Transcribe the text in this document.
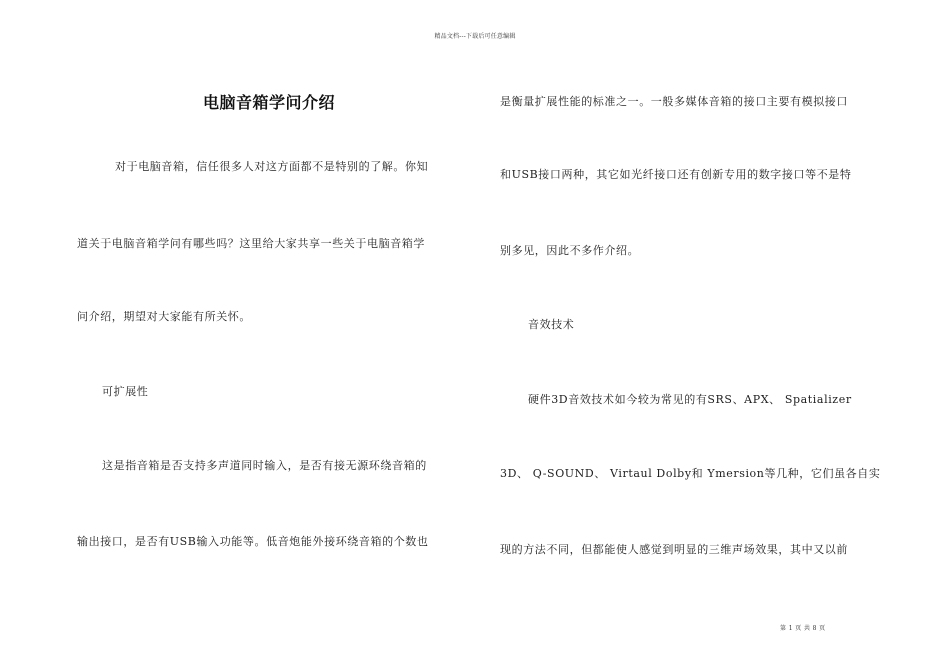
精品文档---下载后可任意编辑
电脑音箱学问介绍
对于电脑音箱，信任很多人对这方面都不是特别的了解。你知
道关于电脑音箱学问有哪些吗？这里给大家共享一些关于电脑音箱学
问介绍，期望对大家能有所关怀。
可扩展性
这是指音箱是否支持多声道同时输入，是否有接无源环绕音箱的
输出接口，是否有USB输入功能等。低音炮能外接环绕音箱的个数也
是衡量扩展性能的标准之一。一般多媒体音箱的接口主要有模拟接口
和USB接口两种，其它如光纤接口还有创新专用的数字接口等不是特
别多见，因此不多作介绍。
音效技术
硬件3D音效技术如今较为常见的有SRS、APX、 Spatializer
3D、 Q-SOUND、 Virtaul Dolby和 Ymersion等几种，它们虽各自实
现的方法不同，但都能使人感觉到明显的三维声场效果，其中又以前
第 1 页 共 8 页
